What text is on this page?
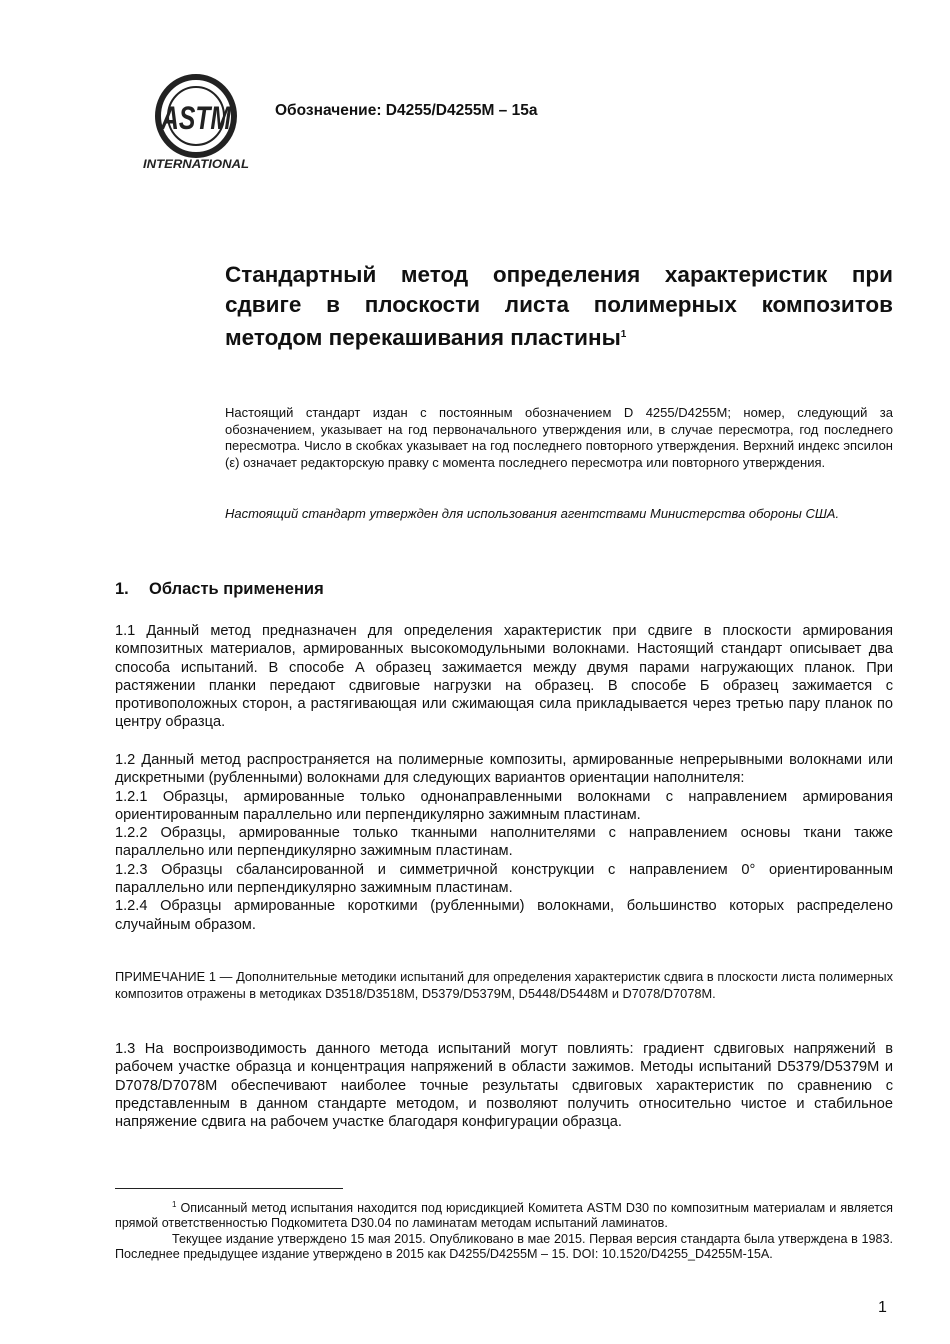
ASTM
INTERNATIONAL
Обозначение: D4255/D4255M – 15a
Стандартный метод определения характеристик при сдвиге в плоскости листа полимерных композитов методом перекашивания пластины$^1$
Настоящий стандарт издан с постоянным обозначением D 4255/D4255M; номер, следующий за обозначением, указывает на год первоначального утверждения или, в случае пересмотра, год последнего пересмотра. Число в скобках указывает на год последнего повторного утверждения. Верхний индекс эпсилон (ε) означает редакторскую правку с момента последнего пересмотра или повторного утверждения.
Настоящий стандарт утвержден для использования агентствами Министерства обороны США.
1. Область применения

1.1 Данный метод предназначен для определения характеристик при сдвиге в плоскости армирования композитных материалов, армированных высокомодульными волокнами. Настоящий стандарт описывает два способа испытаний. В способе А образец зажимается между двумя парами нагружающих планок. При растяжении планки передают сдвиговые нагрузки на образец. В способе Б образец зажимается с противоположных сторон, а растягивающая или сжимающая сила прикладывается через третью пару планок по центру образца.

1.2 Данный метод распространяется на полимерные композиты, армированные непрерывными волокнами или дискретными (рубленными) волокнами для следующих вариантов ориентации наполнителя:

1.2.1 Образцы, армированные только однонаправленными волокнами с направлением армирования ориентированным параллельно или перпендикулярно зажимным пластинам.

1.2.2 Образцы, армированные только тканными наполнителями с направлением основы ткани также параллельно или перпендикулярно зажимным пластинам.

1.2.3 Образцы сбалансированной и симметричной конструкции с направлением 0° ориентированным параллельно или перпендикулярно зажимным пластинам.

1.2.4 Образцы армированные короткими (рубленными) волокнами, большинство которых распределено случайным образом.

ПРИМЕЧАНИЕ 1 — Дополнительные методики испытаний для определения характеристик сдвига в плоскости листа полимерных композитов отражены в методиках D3518/D3518M, D5379/D5379M, D5448/D5448M и D7078/D7078M.

1.3 На воспроизводимость данного метода испытаний могут повлиять: градиент сдвиговых напряжений в рабочем участке образца и концентрация напряжений в области зажимов. Методы испытаний D5379/D5379M и D7078/D7078M обеспечивают наиболее точные результаты сдвиговых характеристик по сравнению с представленным в данном стандарте методом, и позволяют получить относительно чистое и стабильное напряжение сдвига на рабочем участке благодаря конфигурации образца.

$^1$ Описанный метод испытания находится под юрисдикцией Комитета ASTM D30 по композитным материалам и является прямой ответственностью Подкомитета D30.04 по ламинатам методам испытаний ламинатов.

Текущее издание утверждено 15 мая 2015. Опубликовано в мае 2015. Первая версия стандарта была утверждена в 1983. Последнее предыдущее издание утверждено в 2015 как D4255/D4255M – 15. DOI: 10.1520/D4255_D4255M-15A.

1
